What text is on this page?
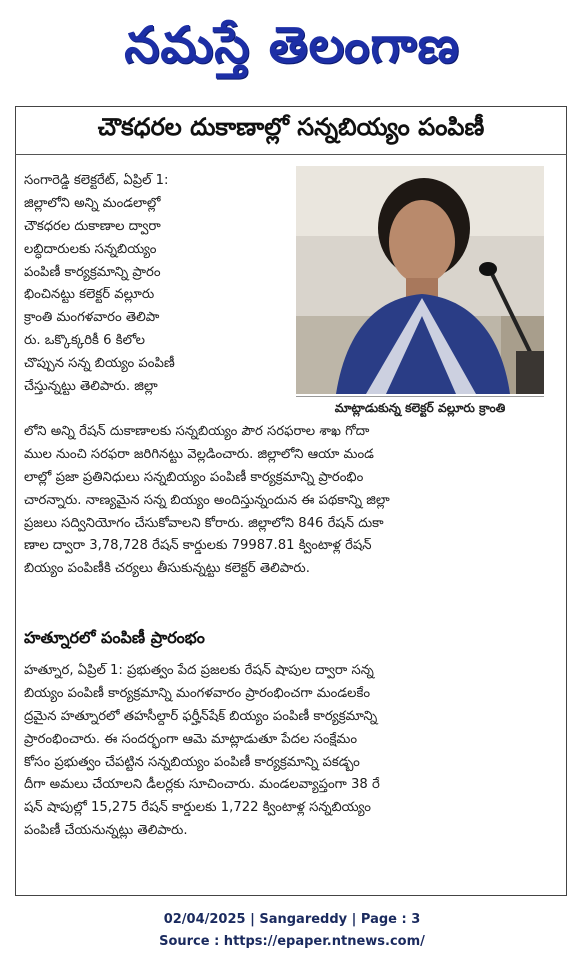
నమస్తే తెలంగాణ
చౌకధరల దుకాణాల్లో సన్నబియ్యం పంపిణీ
సంగారెడ్డి కలెక్టరేట్, ఏప్రిల్ 1:
జిల్లాలోని అన్ని మండలాల్లో
చౌకధరల దుకాణాల ద్వారా
లబ్ధిదారులకు సన్నబియ్యం
పంపిణీ కార్యక్రమాన్ని ప్రారం
భించినట్టు కలెక్టర్ వల్లూరు
క్రాంతి మంగళవారం తెలిపా
రు. ఒక్కొక్కరికీ 6 కిలోల
చొప్పున సన్న బియ్యం పంపిణీ
చేస్తున్నట్టు తెలిపారు. జిల్లా
మాట్లాడుకున్న కలెక్టర్ వల్లూరు క్రాంతి
లోని అన్ని రేషన్ దుకాణాలకు సన్నబియ్యం పౌర సరఫరాల శాఖ గోదా
ముల నుంచి సరఫరా జరిగినట్టు వెల్లడించారు. జిల్లాలోని ఆయా మండ
లాల్లో ప్రజా ప్రతినిధులు సన్నబియ్యం పంపిణీ కార్యక్రమాన్ని ప్రారంభిం
చారన్నారు. నాణ్యమైన సన్న బియ్యం అందిస్తున్నందున ఈ పథకాన్ని జిల్లా
ప్రజలు సద్వినియోగం చేసుకోవాలని కోరారు. జిల్లాలోని 846 రేషన్ దుకా
ణాల ద్వారా 3,78,728 రేషన్ కార్డులకు 79987.81 క్వింటాళ్ల రేషన్
బియ్యం పంపిణీకి చర్యలు తీసుకున్నట్టు కలెక్టర్ తెలిపారు.
హత్నూరలో పంపిణీ ప్రారంభం
హత్నూర, ఏప్రిల్ 1: ప్రభుత్వం పేద ప్రజలకు రేషన్ షాపుల ద్వారా సన్న
బియ్యం పంపిణీ కార్యక్రమాన్ని మంగళవారం ప్రారంభించగా మండలకేం
ద్రమైన హత్నూరలో తహసీల్దార్ ఫర్హీన్‌షేక్ బియ్యం పంపిణీ కార్యక్రమాన్ని
ప్రారంభించారు. ఈ సందర్భంగా ఆమె మాట్లాడుతూ పేదల సంక్షేమం
కోసం ప్రభుత్వం చేపట్టిన సన్నబియ్యం పంపిణీ కార్యక్రమాన్ని పకడ్బం
దీగా అమలు చేయాలని డీలర్లకు సూచించారు. మండలవ్యాప్తంగా 38 రే
షన్ షాపుల్లో 15,275 రేషన్ కార్డులకు 1,722 క్వింటాళ్ల సన్నబియ్యం
పంపిణీ చేయనున్నట్లు తెలిపారు.
02/04/2025 | Sangareddy | Page : 3
Source : https://epaper.ntnews.com/
